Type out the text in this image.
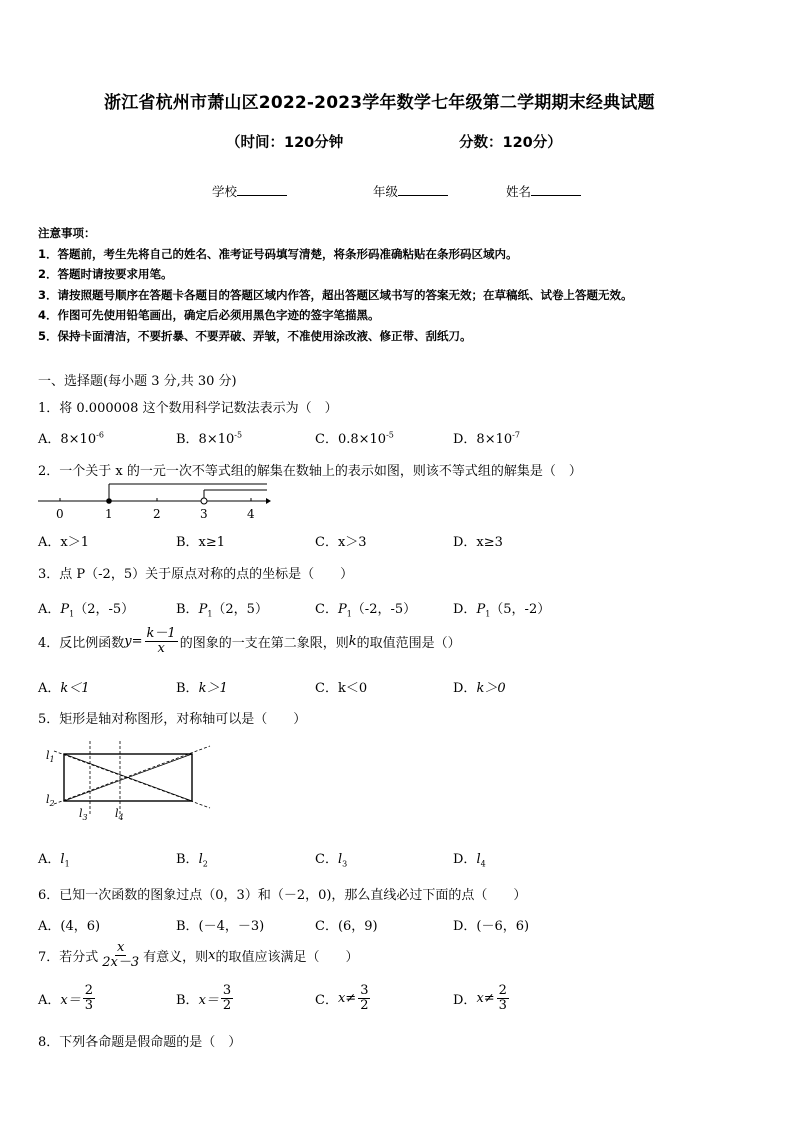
浙江省杭州市萧山区2022-2023学年数学七年级第二学期期末经典试题
（时间：120分钟	分数：120分）
学校	年级	姓名
注意事项：
1．答题前，考生先将自己的姓名、准考证号码填写清楚，将条形码准确粘贴在条形码区域内。
2．答题时请按要求用笔。
3．请按照题号顺序在答题卡各题目的答题区域内作答，超出答题区域书写的答案无效；在草稿纸、试卷上答题无效。
4．作图可先使用铅笔画出，确定后必须用黑色字迹的签字笔描黑。
5．保持卡面清洁，不要折暴、不要弄破、弄皱，不准使用涂改液、修正带、刮纸刀。
一、选择题(每小题 3 分,共 30 分)
1．将 0.000008 这个数用科学记数法表示为（　）
A．$8\times 10^{-6}$	B．$8\times 10^{-5}$	C．$0.8\times 10^{-5}$	D．$8\times 10^{-7}$
2．一个关于 x 的一元一次不等式组的解集在数轴上的表示如图，则该不等式组的解集是（　）
0	1	2	3	4
A．x＞1	B．x≥1	C．x＞3	D．x≥3
3．点 P（-2，5）关于原点对称的点的坐标是（　　）
A．$P_1(2$，-5）	B．$P_1(2$，5）	C．$P_1(-2$，-5）	D．$P_1(5$，-2）
4．反比例函数 $y = \frac{k-1}{x}$ 的图象的一支在第二象限，则 k 的取值范围是（）
A．k＜1	B．k＞1	C．k＜0	D．k＞0
5．矩形是轴对称图形，对称轴可以是（　　）
$l_1$
$l_2$
$l_3$ $l_4$
A．$l_1$	B．$l_2$	C．$l_3$	D．$l_4$
6．已知一次函数的图象过点（0，3）和（－2，0)，那么直线必过下面的点（　　）
A．(4，6)	B．(－4，－3)	C．(6，9)	D．(－6，6)
7．若分式 $\frac{x}{2x-3}$ 有意义，则 x 的取值应该满足（　　）
A． $x= \frac{2}{3}$	B． $x= \frac{3}{2}$	C． $x\ne \frac{3}{2}$	D． $x\ne \frac{2}{3}$
8．下列各命题是假命题的是（　）
